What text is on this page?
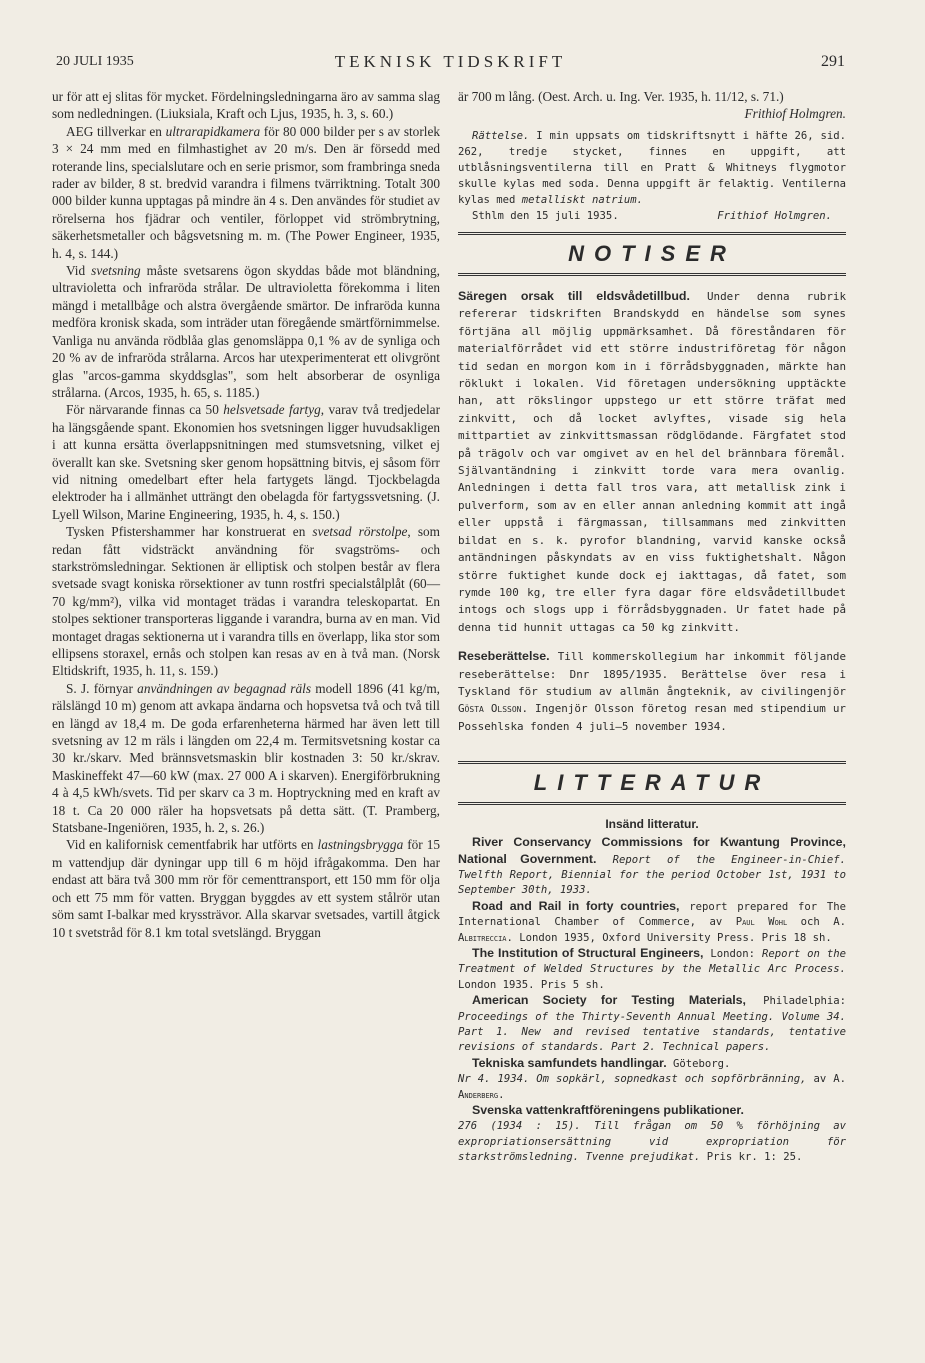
20 JULI 1935	TEKNISK TIDSKRIFT	291

ur för att ej slitas för mycket. Fördelningsledningarna äro av samma slag som nedledningen. (Liuksiala, Kraft och Ljus, 1935, h. 3, s. 60.)

AEG tillverkar en ultrarapidkamera för 80 000 bilder per s av storlek 3 × 24 mm med en filmhastighet av 20 m/s. Den är försedd med roterande lins, specialslutare och en serie prismor, som frambringa sneda rader av bilder, 8 st. bredvid varandra i filmens tvärriktning. Totalt 300 000 bilder kunna upptagas på mindre än 4 s. Den användes för studiet av rörelserna hos fjädrar och ventiler, förloppet vid strömbrytning, säkerhetsmetaller och bågsvetsning m. m. (The Power Engineer, 1935, h. 4, s. 144.)

Vid svetsning måste svetsarens ögon skyddas både mot bländning, ultravioletta och infraröda strålar. De ultravioletta förekomma i liten mängd i metallbåge och alstra övergående smärtor. De infraröda kunna medföra kronisk skada, som inträder utan föregående smärtförnimmelse. Vanliga nu använda rödblåa glas genomsläppa 0,1 % av de synliga och 20 % av de infraröda strålarna. Arcos har utexperimenterat ett olivgrönt glas "arcos-gamma skyddsglas", som helt absorberar de osynliga strålarna. (Arcos, 1935, h. 65, s. 1185.)

För närvarande finnas ca 50 helsvetsade fartyg, varav två tredjedelar ha längsgående spant. Ekonomien hos svetsningen ligger huvudsakligen i att kunna ersätta överlappsnitningen med stumsvetsning, vilket ej överallt kan ske. Svetsning sker genom hopsättning bitvis, ej såsom förr vid nitning omedelbart efter hela fartygets längd. Tjockbelagda elektroder ha i allmänhet utträngt den obelagda för fartygssvetsning. (J. Lyell Wilson, Marine Engineering, 1935, h. 4, s. 150.)

Tysken Pfistershammer har konstruerat en svetsad rörstolpe, som redan fått vidsträckt användning för svagströms- och starkströmsledningar. Sektionen är elliptisk och stolpen består av flera svetsade svagt koniska rörsektioner av tunn rostfri specialstålplåt (60—70 kg/mm²), vilka vid montaget trädas i varandra teleskopartat. En stolpes sektioner transporteras liggande i varandra, burna av en man. Vid montaget dragas sektionerna ut i varandra tills en överlapp, lika stor som ellipsens storaxel, ernås och stolpen kan resas av en à två man. (Norsk Eltidskrift, 1935, h. 11, s. 159.)

S. J. förnyar användningen av begagnad räls modell 1896 (41 kg/m, rälslängd 10 m) genom att avkapa ändarna och hopsvetsa två och två till en längd av 18,4 m. De goda erfarenheterna härmed har även lett till svetsning av 12 m räls i längden om 22,4 m. Termitsvetsning kostar ca 30 kr./skarv. Med brännsvetsmaskin blir kostnaden 3: 50 kr./skrav. Maskineffekt 47—60 kW (max. 27 000 A i skarven). Energiförbrukning 4 à 4,5 kWh/svets. Tid per skarv ca 3 m. Hoptryckning med en kraft av 18 t. Ca 20 000 räler ha hopsvetsats på detta sätt. (T. Pramberg, Statsbane-Ingeniören, 1935, h. 2, s. 26.)

Vid en kalifornisk cementfabrik har utförts en lastningsbrygga för 15 m vattendjup där dyningar upp till 6 m höjd ifrågakomma. Den har endast att bära två 300 mm rör för cementtransport, ett 150 mm för olja och ett 75 mm för vatten. Bryggan byggdes av ett system stålrör utan söm samt I-balkar med kryssträvor. Alla skarvar svetsades, vartill åtgick 10 t svetstråd för 8.1 km total svetslängd. Bryggan

är 700 m lång. (Oest. Arch. u. Ing. Ver. 1935, h. 11/12, s. 71.)
Frithiof Holmgren.

Rättelse. I min uppsats om tidskriftsnytt i häfte 26, sid. 262, tredje stycket, finnes en uppgift, att utblåsningsventilerna till en Pratt & Whitneys flygmotor skulle kylas med soda. Denna uppgift är felaktig. Ventilerna kylas med metalliskt natrium.

Sthlm den 15 juli 1935.	Frithiof Holmgren.

NOTISER

Säregen orsak till eldsvådetillbud. Under denna rubrik refererar tidskriften Brandskydd en händelse som synes förtjäna all möjlig uppmärksamhet. Då föreståndaren för materialförrådet vid ett större industriföretag för någon tid sedan en morgon kom in i förrådsbyggnaden, märkte han röklukt i lokalen. Vid företagen undersökning upptäckte han, att rökslingor uppstego ur ett större träfat med zinkvitt, och då locket avlyftes, visade sig hela mittpartiet av zinkvittsmassan rödglödande. Färgfatet stod på trägolv och var omgivet av en hel del brännbara föremål. Självantändning i zinkvitt torde vara mera ovanlig. Anledningen i detta fall tros vara, att metallisk zink i pulverform, som av en eller annan anledning kommit att ingå eller uppstå i färgmassan, tillsammans med zinkvitten bildat en s. k. pyrofor blandning, varvid kanske också antändningen påskyndats av en viss fuktighetshalt. Någon större fuktighet kunde dock ej iakttagas, då fatet, som rymde 100 kg, tre eller fyra dagar före eldsvådetillbudet intogs och slogs upp i förrådsbyggnaden. Ur fatet hade på denna tid hunnit uttagas ca 50 kg zinkvitt.

Reseberättelse. Till kommerskollegium har inkommit följande reseberättelse: Dnr 1895/1935. Berättelse över resa i Tyskland för studium av allmän ångteknik, av civilingenjör Gösta Olsson. Ingenjör Olsson företog resan med stipendium ur Possehlska fonden 4 juli—5 november 1934.

LITTERATUR
Insänd litteratur.

River Conservancy Commissions for Kwantung Province, National Government. Report of the Engineer-in-Chief. Twelfth Report, Biennial for the period October 1st, 1931 to September 30th, 1933.

Road and Rail in forty countries, report prepared for The International Chamber of Commerce, av Paul Wohl och A. Albitreccia. London 1935, Oxford University Press. Pris 18 sh.

The Institution of Structural Engineers, London: Report on the Treatment of Welded Structures by the Metallic Arc Process. London 1935. Pris 5 sh.

American Society for Testing Materials, Philadelphia: Proceedings of the Thirty-Seventh Annual Meeting. Volume 34. Part 1. New and revised tentative standards, tentative revisions of standards. Part 2. Technical papers.

Tekniska samfundets handlingar. Göteborg.
Nr 4. 1934. Om sopkärl, sopnedkast och sopförbränning, av A. Anderberg.

Svenska vattenkraftföreningens publikationer.
276 (1934 : 15). Till frågan om 50 % förhöjning av expropriationsersättning vid expropriation för starkströmsledning. Tvenne prejudikat. Pris kr. 1: 25.
